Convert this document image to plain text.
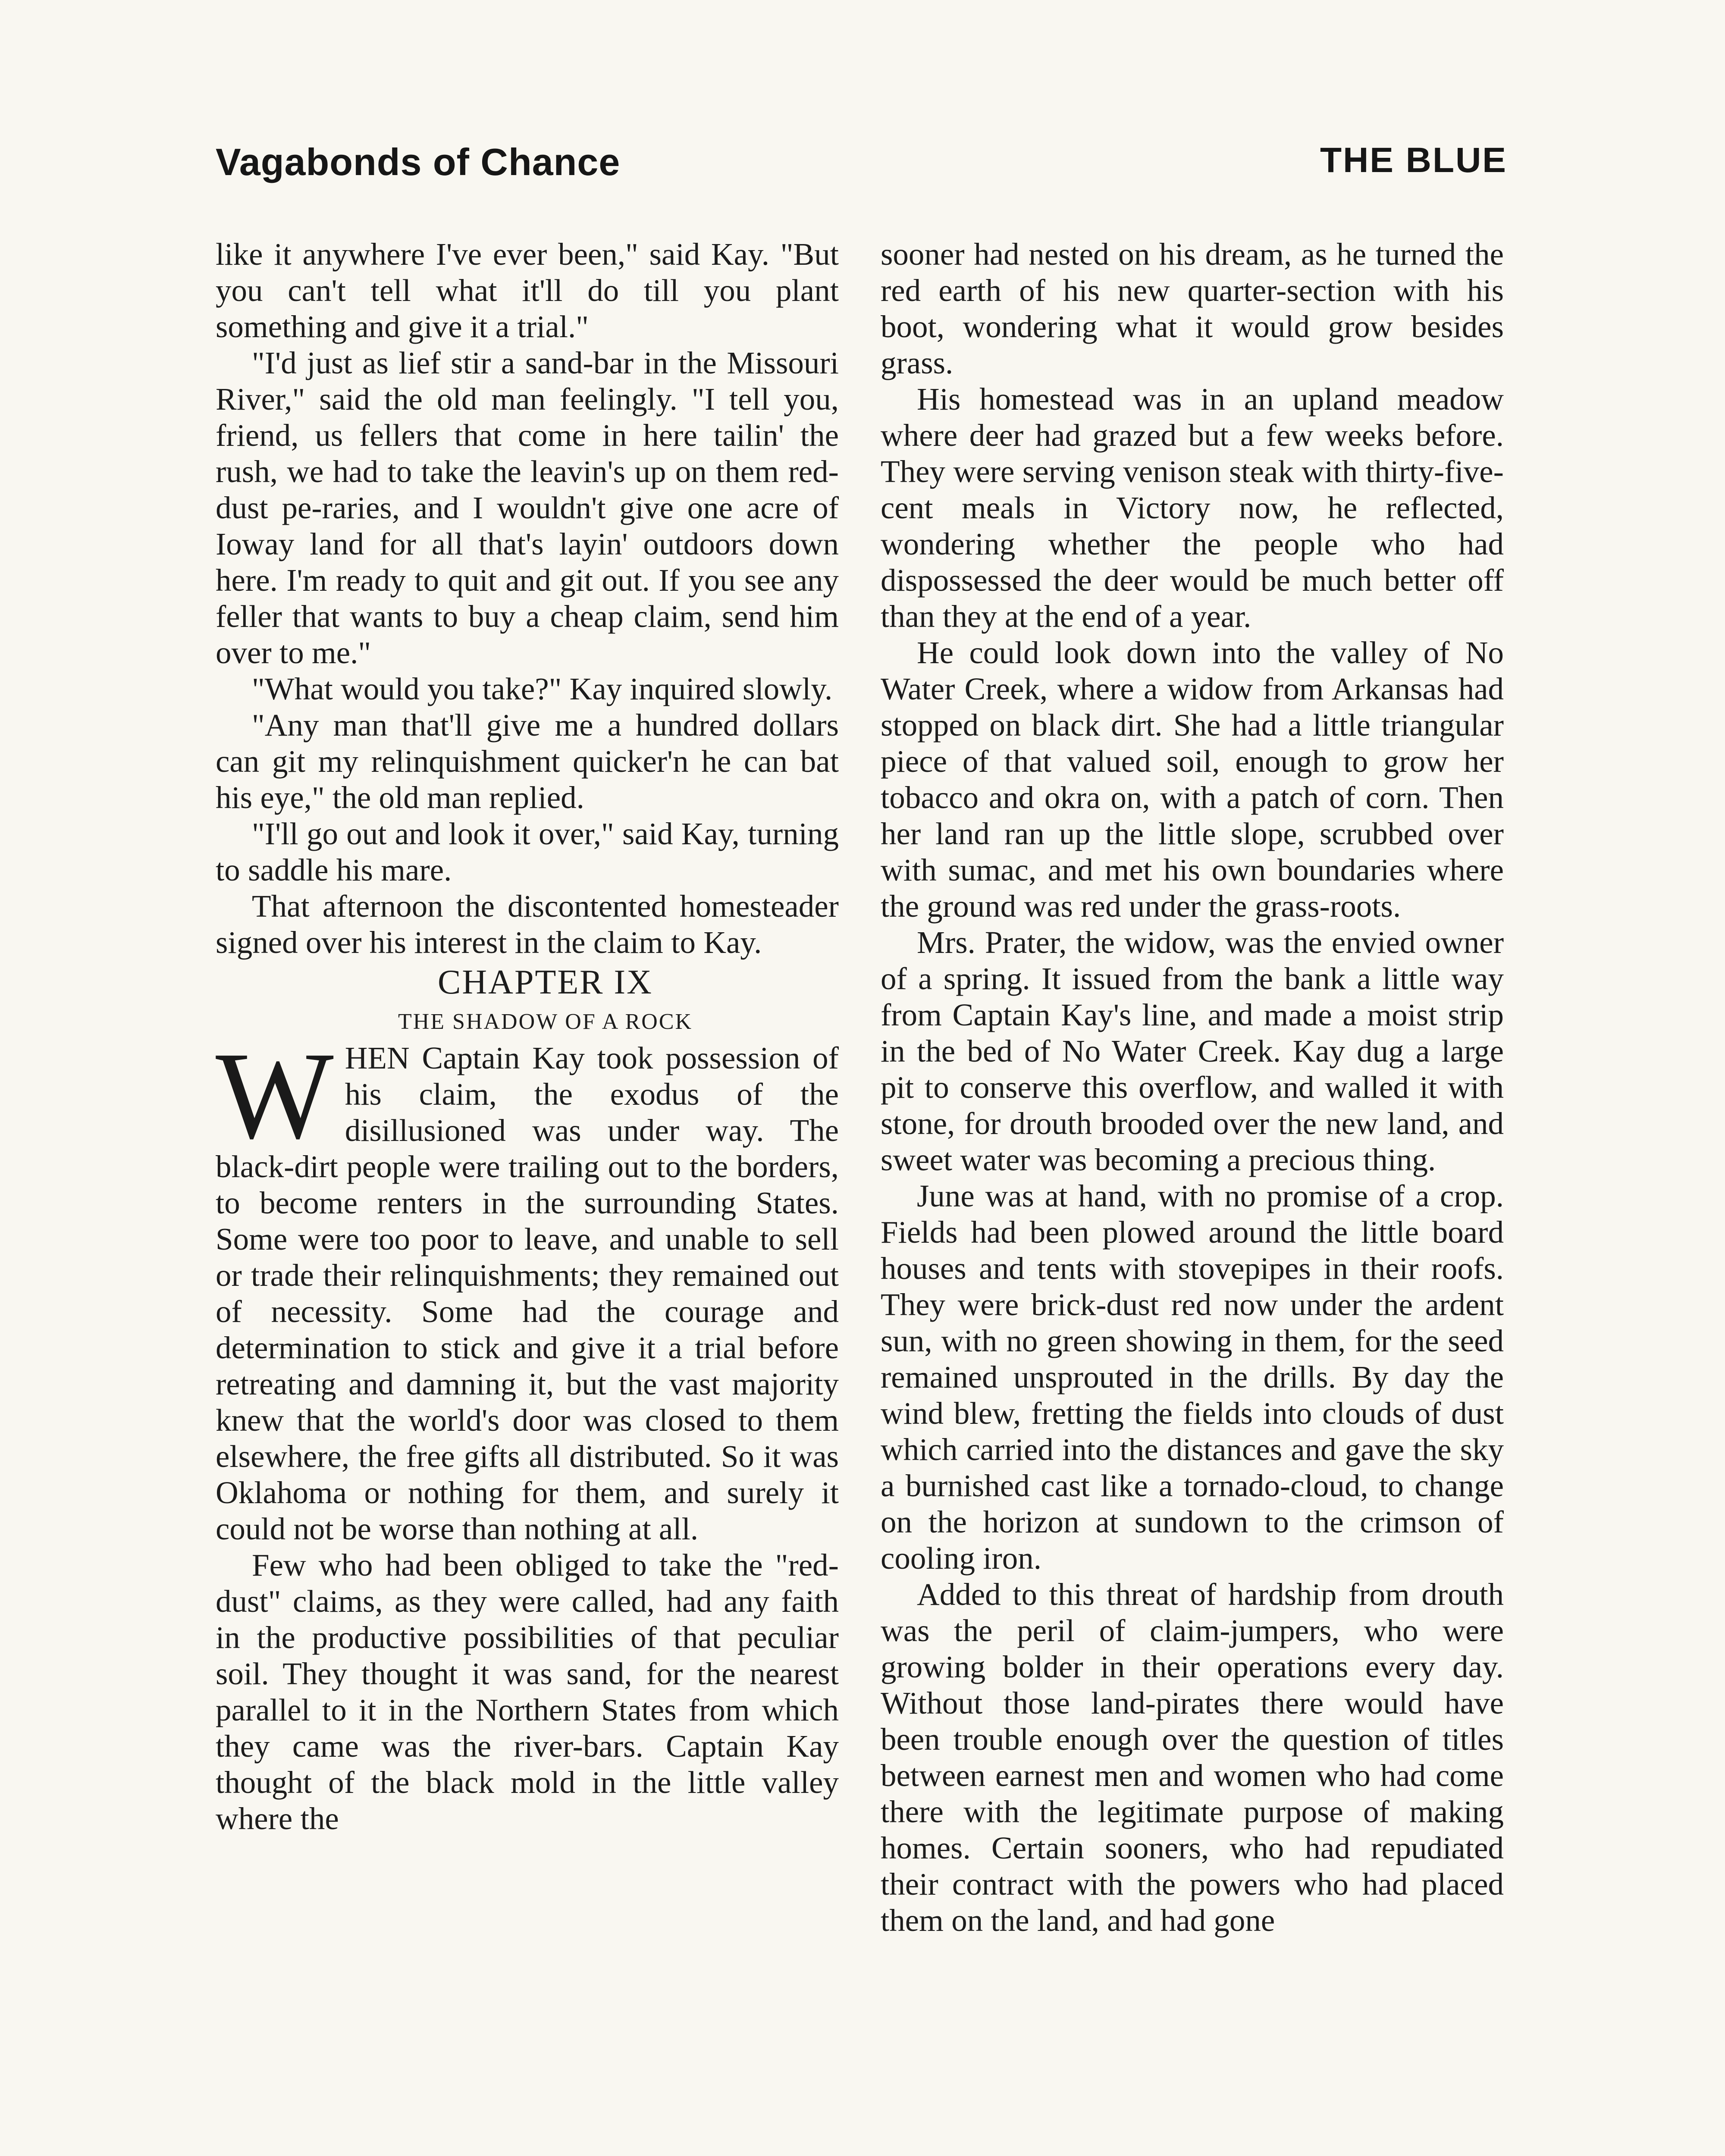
Vagabonds of Chance	THE BLUE

like it anywhere I've ever been," said Kay. "But you can't tell what it'll do till you plant something and give it a trial."

"I'd just as lief stir a sand-bar in the Missouri River," said the old man feelingly. "I tell you, friend, us fellers that come in here tailin' the rush, we had to take the leavin's up on them red-dust pe-raries, and I wouldn't give one acre of Ioway land for all that's layin' outdoors down here. I'm ready to quit and git out. If you see any feller that wants to buy a cheap claim, send him over to me."

"What would you take?" Kay inquired slowly.

"Any man that'll give me a hundred dollars can git my relinquishment quicker'n he can bat his eye," the old man replied.

"I'll go out and look it over," said Kay, turning to saddle his mare.

That afternoon the discontented homesteader signed over his interest in the claim to Kay.

CHAPTER IX

THE SHADOW OF A ROCK

WHEN Captain Kay took possession of his claim, the exodus of the disillusioned was under way. The black-dirt people were trailing out to the borders, to become renters in the surrounding States. Some were too poor to leave, and unable to sell or trade their relinquishments; they remained out of necessity. Some had the courage and determination to stick and give it a trial before retreating and damning it, but the vast majority knew that the world's door was closed to them elsewhere, the free gifts all distributed. So it was Oklahoma or nothing for them, and surely it could not be worse than nothing at all.

Few who had been obliged to take the "red-dust" claims, as they were called, had any faith in the productive possibilities of that peculiar soil. They thought it was sand, for the nearest parallel to it in the Northern States from which they came was the river-bars. Captain Kay thought of the black mold in the little valley where the

sooner had nested on his dream, as he turned the red earth of his new quarter-section with his boot, wondering what it would grow besides grass.

His homestead was in an upland meadow where deer had grazed but a few weeks before. They were serving venison steak with thirty-five-cent meals in Victory now, he reflected, wondering whether the people who had dispossessed the deer would be much better off than they at the end of a year.

He could look down into the valley of No Water Creek, where a widow from Arkansas had stopped on black dirt. She had a little triangular piece of that valued soil, enough to grow her tobacco and okra on, with a patch of corn. Then her land ran up the little slope, scrubbed over with sumac, and met his own boundaries where the ground was red under the grass-roots.

Mrs. Prater, the widow, was the envied owner of a spring. It issued from the bank a little way from Captain Kay's line, and made a moist strip in the bed of No Water Creek. Kay dug a large pit to conserve this overflow, and walled it with stone, for drouth brooded over the new land, and sweet water was becoming a precious thing.

June was at hand, with no promise of a crop. Fields had been plowed around the little board houses and tents with stovepipes in their roofs. They were brick-dust red now under the ardent sun, with no green showing in them, for the seed remained unsprouted in the drills. By day the wind blew, fretting the fields into clouds of dust which carried into the distances and gave the sky a burnished cast like a tornado-cloud, to change on the horizon at sundown to the crimson of cooling iron.

Added to this threat of hardship from drouth was the peril of claim-jumpers, who were growing bolder in their operations every day. Without those land-pirates there would have been trouble enough over the question of titles between earnest men and women who had come there with the legitimate purpose of making homes. Certain sooners, who had repudiated their contract with the powers who had placed them on the land, and had gone
